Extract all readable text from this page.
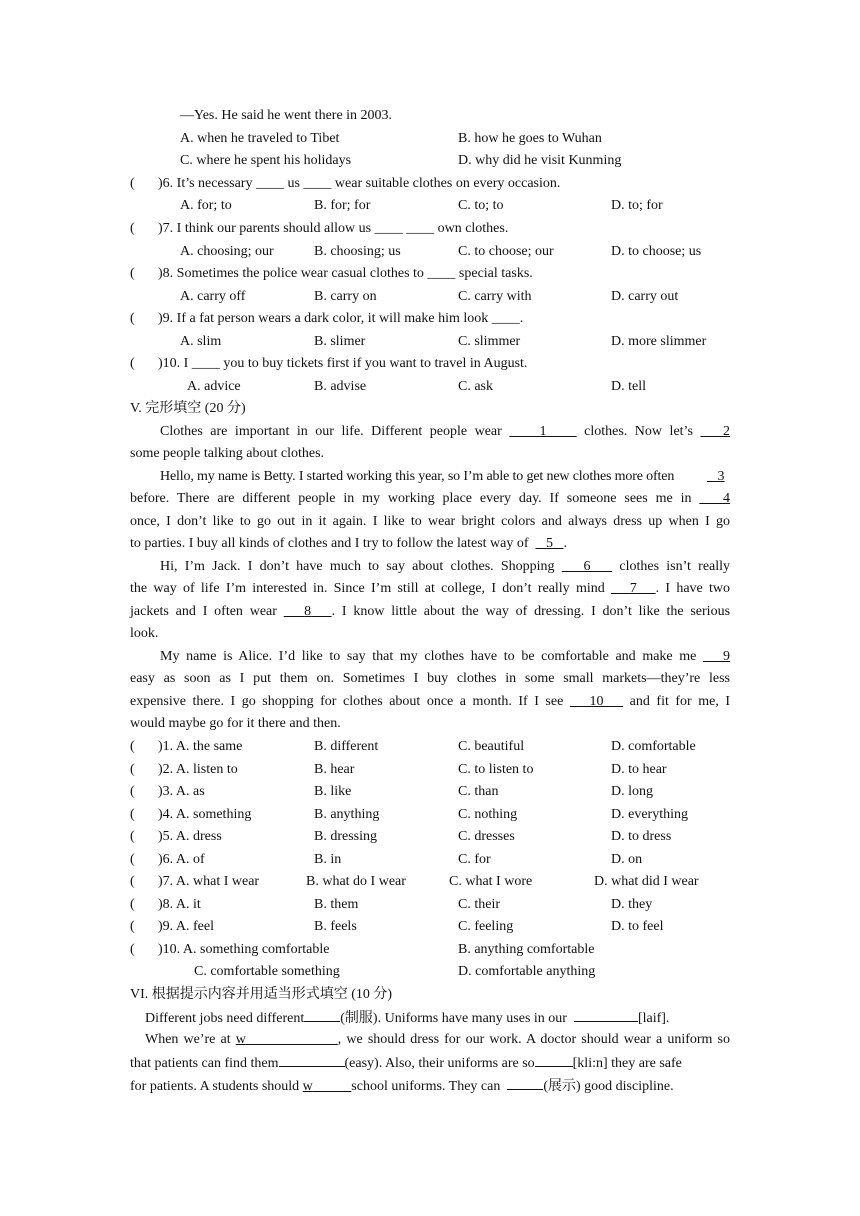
—Yes. He said he went there in 2003.
A. when he traveled to Tibet	B. how he goes to Wuhan
C. where he spent his holidays	D. why did he visit Kunming
( )6. It’s necessary ____ us ____ wear suitable clothes on every occasion.
A. for; to	B. for; for	C. to; to	D. to; for
( )7. I think our parents should allow us ____ ____ own clothes.
A. choosing; our	B. choosing; us	C. to choose; our	D. to choose; us
( )8. Sometimes the police wear casual clothes to ____ special tasks.
A. carry off	B. carry on	C. carry with	D. carry out
( )9. If a fat person wears a dark color, it will make him look ____.
A. slim	B. slimer	C. slimmer	D. more slimmer
( )10. I ____ you to buy tickets first if you want to travel in August.
A. advice	B. advise	C. ask	D. tell
V. 完形填空 (20 分)
Clothes are important in our life. Different people wear	1	clothes. Now let’s 2
some people talking about clothes.
Hello, my name is Betty. I started working this year, so I’m able to get new clothes more often	3
before. There are different people in my working place every day. If someone sees me in 4
once, I don’t like to go out in it again. I like to wear bright colors and always dress up when I go
to parties. I buy all kinds of clothes and I try to follow the latest way of 5 .
Hi, I’m Jack. I don’t have much to say about clothes. Shopping 6 clothes isn’t really
the way of life I’m interested in. Since I’m still at college, I don’t really mind 7 . I have two
jackets and I often wear 8 . I know little about the way of dressing. I don’t like the serious
look.
My name is Alice. I’d like to say that my clothes have to be comfortable and make me 9
easy as soon as I put them on. Sometimes I buy clothes in some small markets—they’re less
expensive there. I go shopping for clothes about once a month. If I see 10 and fit for me, I
would maybe go for it there and then.
( )1. A. the same	B. different	C. beautiful	D. comfortable
( )2. A. listen to	B. hear	C. to listen to	D. to hear
( )3. A. as	B. like	C. than	D. long
( )4. A. something	B. anything	C. nothing	D. everything
( )5. A. dress	B. dressing	C. dresses	D. to dress
( )6. A. of	B. in	C. for	D. on
( )7. A. what I wear	B. what do I wear	C. what I wore	D. what did I wear
( )8. A. it	B. them	C. their	D. they
( )9. A. feel	B. feels	C. feeling	D. to feel
( )10. A. something comfortable	B. anything comfortable
C. comfortable something	D. comfortable anything
VI. 根据提示内容并用适当形式填空 (10 分)
Different jobs need different	(制服). Uniforms have many uses in our	[laif].
When we’re at w	, we should dress for our work. A doctor should wear a uniform so
that patients can find them	(easy). Also, their uniforms are so	[kli:n] they are safe
for patients. A students should w	school uniforms. They can	(展示) good discipline.
